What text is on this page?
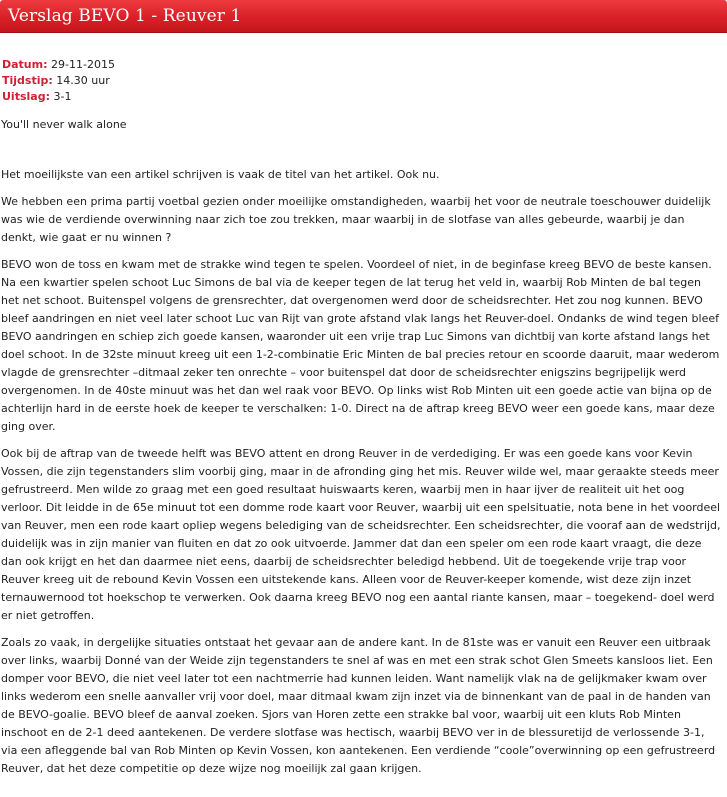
Verslag BEVO 1 - Reuver 1
Datum: 29-11-2015
Tijdstip: 14.30 uur
Uitslag: 3-1
You'll never walk alone

Het moeilijkste van een artikel schrijven is vaak de titel van het artikel. Ook nu.

We hebben een prima partij voetbal gezien onder moeilijke omstandigheden, waarbij het voor de neutrale toeschouwer duidelijk was wie de verdiende overwinning naar zich toe zou trekken, maar waarbij in de slotfase van alles gebeurde, waarbij je dan denkt, wie gaat er nu winnen ?

BEVO won de toss en kwam met de strakke wind tegen te spelen. Voordeel of niet, in de beginfase kreeg BEVO de beste kansen. Na een kwartier spelen schoot Luc Simons de bal via de keeper tegen de lat terug het veld in, waarbij Rob Minten de bal tegen het net schoot. Buitenspel volgens de grensrechter, dat overgenomen werd door de scheidsrechter. Het zou nog kunnen. BEVO bleef aandringen en niet veel later schoot Luc van Rijt van grote afstand vlak langs het Reuver-doel. Ondanks de wind tegen bleef BEVO aandringen en schiep zich goede kansen, waaronder uit een vrije trap Luc Simons van dichtbij van korte afstand langs het doel schoot. In de 32ste minuut kreeg uit een 1-2-combinatie Eric Minten de bal precies retour en scoorde daaruit, maar wederom vlagde de grensrechter –ditmaal zeker ten onrechte – voor buitenspel dat door de scheidsrechter enigszins begrijpelijk werd overgenomen. In de 40ste minuut was het dan wel raak voor BEVO. Op links wist Rob Minten uit een goede actie van bijna op de achterlijn hard in de eerste hoek de keeper te verschalken: 1-0. Direct na de aftrap kreeg BEVO weer een goede kans, maar deze ging over.

Ook bij de aftrap van de tweede helft was BEVO attent en drong Reuver in de verdediging. Er was een goede kans voor Kevin Vossen, die zijn tegenstanders slim voorbij ging, maar in de afronding ging het mis. Reuver wilde wel, maar geraakte steeds meer gefrustreerd. Men wilde zo graag met een goed resultaat huiswaarts keren, waarbij men in haar ijver de realiteit uit het oog verloor. Dit leidde in de 65e minuut tot een domme rode kaart voor Reuver, waarbij uit een spelsituatie, nota bene in het voordeel van Reuver, men een rode kaart opliep wegens belediging van de scheidsrechter. Een scheidsrechter, die vooraf aan de wedstrijd, duidelijk was in zijn manier van fluiten en dat zo ook uitvoerde. Jammer dat dan een speler om een rode kaart vraagt, die deze dan ook krijgt en het dan daarmee niet eens, daarbij de scheidsrechter beledigd hebbend. Uit de toegekende vrije trap voor Reuver kreeg uit de rebound Kevin Vossen een uitstekende kans. Alleen voor de Reuver-keeper komende, wist deze zijn inzet ternauwernood tot hoekschop te verwerken. Ook daarna kreeg BEVO nog een aantal riante kansen, maar – toegekend- doel werd er niet getroffen.

Zoals zo vaak, in dergelijke situaties ontstaat het gevaar aan de andere kant. In de 81ste was er vanuit een Reuver een uitbraak over links, waarbij Donné van der Weide zijn tegenstanders te snel af was en met een strak schot Glen Smeets kansloos liet. Een domper voor BEVO, die niet veel later tot een nachtmerrie had kunnen leiden. Want namelijk vlak na de gelijkmaker kwam over links wederom een snelle aanvaller vrij voor doel, maar ditmaal kwam zijn inzet via de binnenkant van de paal in de handen van de BEVO-goalie. BEVO bleef de aanval zoeken. Sjors van Horen zette een strakke bal voor, waarbij uit een kluts Rob Minten inschoot en de 2-1 deed aantekenen. De verdere slotfase was hectisch, waarbij BEVO ver in de blessuretijd de verlossende 3-1, via een afleggende bal van Rob Minten op Kevin Vossen, kon aantekenen. Een verdiende “coole”overwinning op een gefrustreerd Reuver, dat het deze competitie op deze wijze nog moeilijk zal gaan krijgen.
